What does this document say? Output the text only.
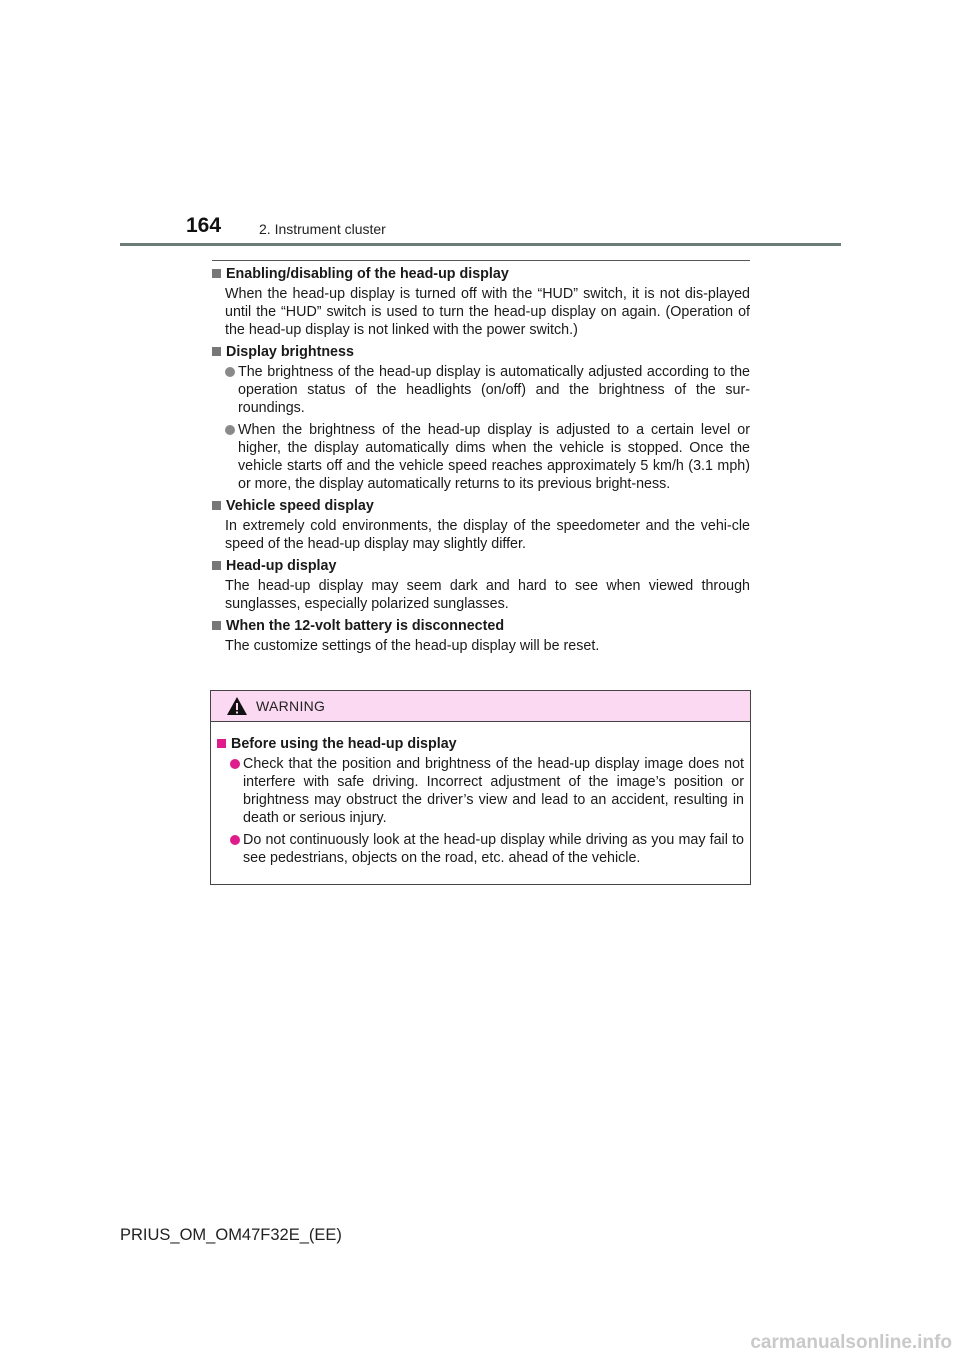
164	2. Instrument cluster
Enabling/disabling of the head-up display
When the head-up display is turned off with the “HUD” switch, it is not dis-played until the “HUD” switch is used to turn the head-up display on again. (Operation of the head-up display is not linked with the power switch.)
Display brightness
The brightness of the head-up display is automatically adjusted according to the operation status of the headlights (on/off) and the brightness of the sur-roundings.
When the brightness of the head-up display is adjusted to a certain level or higher, the display automatically dims when the vehicle is stopped. Once the vehicle starts off and the vehicle speed reaches approximately 5 km/h (3.1 mph) or more, the display automatically returns to its previous bright-ness.
Vehicle speed display
In extremely cold environments, the display of the speedometer and the vehi-cle speed of the head-up display may slightly differ.
Head-up display
The head-up display may seem dark and hard to see when viewed through sunglasses, especially polarized sunglasses.
When the 12-volt battery is disconnected
The customize settings of the head-up display will be reset.
WARNING
Before using the head-up display
Check that the position and brightness of the head-up display image does not interfere with safe driving. Incorrect adjustment of the image’s position or brightness may obstruct the driver’s view and lead to an accident, resulting in death or serious injury.
Do not continuously look at the head-up display while driving as you may fail to see pedestrians, objects on the road, etc. ahead of the vehicle.
PRIUS_OM_OM47F32E_(EE)
carmanualsonline.info
